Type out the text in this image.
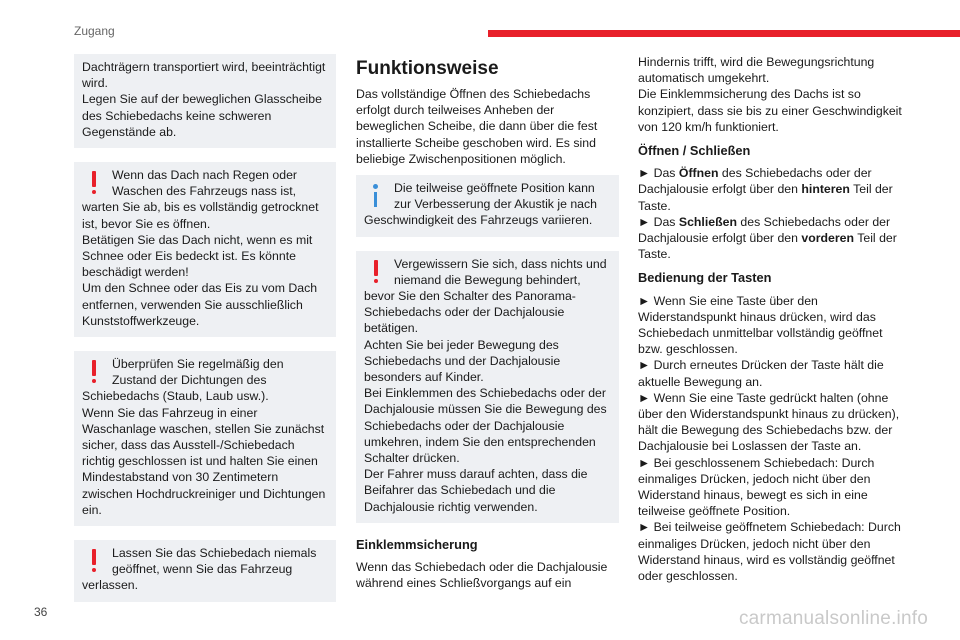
Zugang

Dachträgern transportiert wird, beeinträchtigt wird.
Legen Sie auf der beweglichen Glasscheibe des Schiebedachs keine schweren Gegenstände ab.

Wenn das Dach nach Regen oder Waschen des Fahrzeugs nass ist, warten Sie ab, bis es vollständig getrocknet ist, bevor Sie es öffnen.
Betätigen Sie das Dach nicht, wenn es mit Schnee oder Eis bedeckt ist. Es könnte beschädigt werden!
Um den Schnee oder das Eis zu vom Dach entfernen, verwenden Sie ausschließlich Kunststoffwerkzeuge.

Überprüfen Sie regelmäßig den Zustand der Dichtungen des Schiebedachs (Staub, Laub usw.).
Wenn Sie das Fahrzeug in einer Waschanlage waschen, stellen Sie zunächst sicher, dass das Ausstell-/Schiebedach richtig geschlossen ist und halten Sie einen Mindestabstand von 30 Zentimetern zwischen Hochdruckreiniger und Dichtungen ein.

Lassen Sie das Schiebedach niemals geöffnet, wenn Sie das Fahrzeug verlassen.

Funktionsweise

Das vollständige Öffnen des Schiebedachs erfolgt durch teilweises Anheben der beweglichen Scheibe, die dann über die fest installierte Scheibe geschoben wird. Es sind beliebige Zwischenpositionen möglich.

Die teilweise geöffnete Position kann zur Verbesserung der Akustik je nach Geschwindigkeit des Fahrzeugs variieren.

Vergewissern Sie sich, dass nichts und niemand die Bewegung behindert, bevor Sie den Schalter des Panorama-Schiebedachs oder der Dachjalousie betätigen.
Achten Sie bei jeder Bewegung des Schiebedachs und der Dachjalousie besonders auf Kinder.
Bei Einklemmen des Schiebedachs oder der Dachjalousie müssen Sie die Bewegung des Schiebedachs oder der Dachjalousie umkehren, indem Sie den entsprechenden Schalter drücken.
Der Fahrer muss darauf achten, dass die Beifahrer das Schiebedach und die Dachjalousie richtig verwenden.

Einklemmsicherung

Wenn das Schiebedach oder die Dachjalousie während eines Schließvorgangs auf ein

Hindernis trifft, wird die Bewegungsrichtung automatisch umgekehrt.
Die Einklemmsicherung des Dachs ist so konzipiert, dass sie bis zu einer Geschwindigkeit von 120 km/h funktioniert.

Öffnen / Schließen

► Das Öffnen des Schiebedachs oder der Dachjalousie erfolgt über den hinteren Teil der Taste.

► Das Schließen des Schiebedachs oder der Dachjalousie erfolgt über den vorderen Teil der Taste.

Bedienung der Tasten

► Wenn Sie eine Taste über den Widerstandspunkt hinaus drücken, wird das Schiebedach unmittelbar vollständig geöffnet bzw. geschlossen.
► Durch erneutes Drücken der Taste hält die aktuelle Bewegung an.
► Wenn Sie eine Taste gedrückt halten (ohne über den Widerstandspunkt hinaus zu drücken), hält die Bewegung des Schiebedachs bzw. der Dachjalousie bei Loslassen der Taste an.
► Bei geschlossenem Schiebedach: Durch einmaliges Drücken, jedoch nicht über den Widerstand hinaus, bewegt es sich in eine teilweise geöffnete Position.
► Bei teilweise geöffnetem Schiebedach: Durch einmaliges Drücken, jedoch nicht über den Widerstand hinaus, wird es vollständig geöffnet oder geschlossen.

36	carmanualsonline.info
